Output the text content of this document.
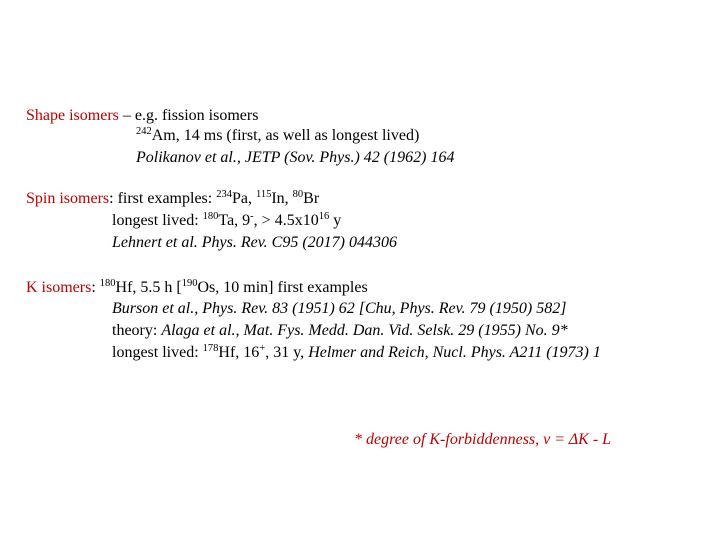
Shape isomers – e.g. fission isomers
$^{242}$Am, 14 ms (first, as well as longest lived)
Polikanov et al., JETP (Sov. Phys.) 42 (1962) 164
Spin isomers: first examples: $^{234}$Pa, $^{115}$In, $^{80}$Br
longest lived: $^{180}$Ta, 9-, > $4.5x10^{16}$ y
Lehnert et al. Phys. Rev. C95 (2017) 044306
K isomers: $^{180}$Hf, 5.5 h [$^{190}$Os, 10 min] first examples
Burson et al., Phys. Rev. 83 (1951) 62 [Chu, Phys. Rev. 79 (1950) 582]
theory: Alaga et al., Mat. Fys. Medd. Dan. Vid. Selsk. 29 (1955) No. 9*
longest lived: $^{178}$Hf, 16+, 31 y, Helmer and Reich, Nucl. Phys. A211 (1973) 1
* degree of K-forbiddenness, ν = ΔK - L
